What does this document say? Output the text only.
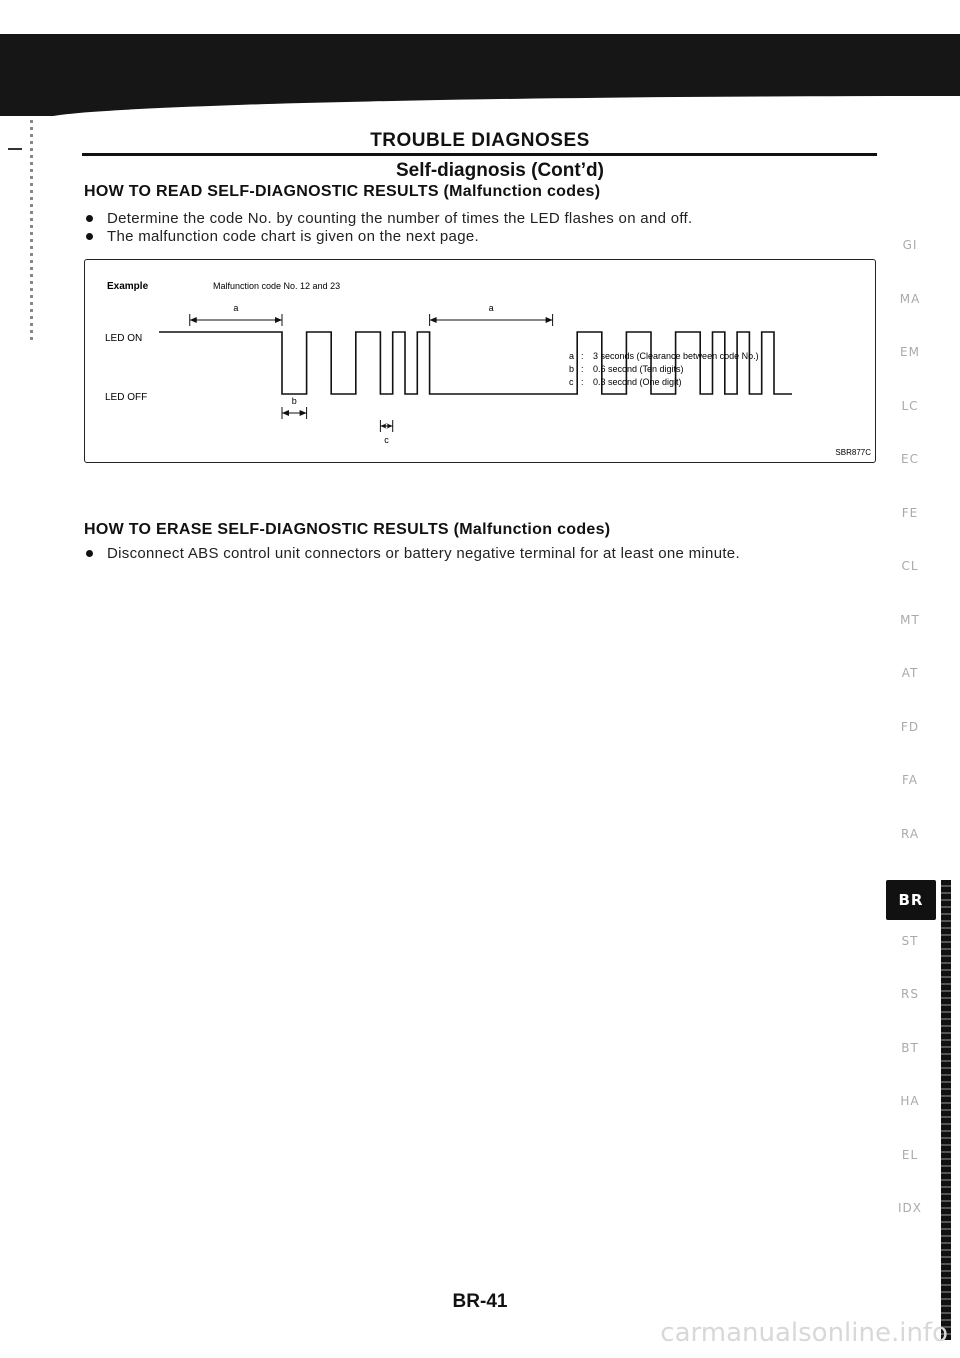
TROUBLE DIAGNOSES
Self-diagnosis (Cont’d)
HOW TO READ SELF-DIAGNOSTIC RESULTS (Malfunction codes)
Determine the code No. by counting the number of times the LED flashes on and off.
The malfunction code chart is given on the next page.
Example	Malfunction code No. 12 and 23
LED ON
LED OFF
a	a
b
c
a : 3 seconds (Clearance between code No.)
b : 0.6 second (Ten digits)
c : 0.3 second (One digit)
SBR877C
HOW TO ERASE SELF-DIAGNOSTIC RESULTS (Malfunction codes)
Disconnect ABS control unit connectors or battery negative terminal for at least one minute.
GI
MA
EM
LC
EC
FE
CL
MT
AT
FD
FA
RA
BR
ST
RS
BT
HA
EL
IDX
BR-41
carmanualsonline.info
